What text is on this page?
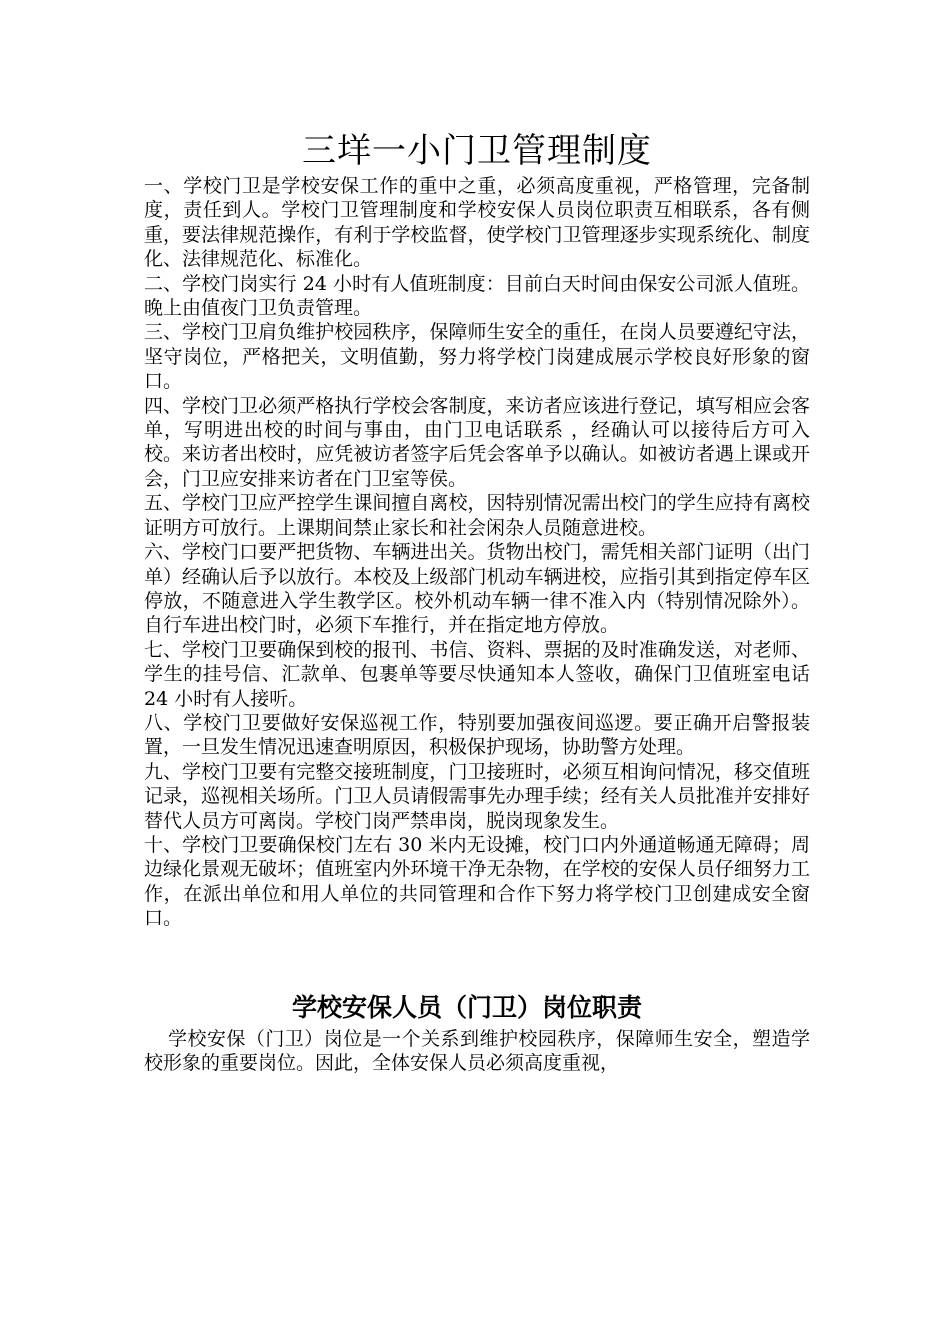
三垟一小门卫管理制度

一、学校门卫是学校安保工作的重中之重，必须高度重视，严格管理，完备制度，责任到人。学校门卫管理制度和学校安保人员岗位职责互相联系，各有侧重，要法律规范操作，有利于学校监督，使学校门卫管理逐步实现系统化、制度化、法律规范化、标准化。

二、学校门岗实行 24 小时有人值班制度：目前白天时间由保安公司派人值班。晚上由值夜门卫负责管理。

三、学校门卫肩负维护校园秩序，保障师生安全的重任，在岗人员要遵纪守法，坚守岗位，严格把关，文明值勤，努力将学校门岗建成展示学校良好形象的窗口。

四、学校门卫必须严格执行学校会客制度，来访者应该进行登记，填写相应会客单，写明进出校的时间与事由，由门卫电话联系 ，经确认可以接待后方可入校。来访者出校时，应凭被访者签字后凭会客单予以确认。如被访者遇上课或开会，门卫应安排来访者在门卫室等侯。

五、学校门卫应严控学生课间擅自离校，因特别情况需出校门的学生应持有离校证明方可放行。上课期间禁止家长和社会闲杂人员随意进校。

六、学校门口要严把货物、车辆进出关。货物出校门，需凭相关部门证明（出门单）经确认后予以放行。本校及上级部门机动车辆进校，应指引其到指定停车区停放，不随意进入学生教学区。校外机动车辆一律不准入内（特别情况除外）。自行车进出校门时，必须下车推行，并在指定地方停放。

七、学校门卫要确保到校的报刊、书信、资料、票据的及时准确发送，对老师、学生的挂号信、汇款单、包裹单等要尽快通知本人签收，确保门卫值班室电话 24 小时有人接听。

八、学校门卫要做好安保巡视工作，特别要加强夜间巡逻。要正确开启警报装置，一旦发生情况迅速查明原因，积极保护现场，协助警方处理。

九、学校门卫要有完整交接班制度，门卫接班时，必须互相询问情况，移交值班记录，巡视相关场所。门卫人员请假需事先办理手续；经有关人员批准并安排好替代人员方可离岗。学校门岗严禁串岗，脱岗现象发生。

十、学校门卫要确保校门左右 30 米内无设摊，校门口内外通道畅通无障碍；周边绿化景观无破坏；值班室内外环境干净无杂物，在学校的安保人员仔细努力工作，在派出单位和用人单位的共同管理和合作下努力将学校门卫创建成安全窗口。

学校安保人员（门卫）岗位职责

学校安保（门卫）岗位是一个关系到维护校园秩序，保障师生安全，塑造学校形象的重要岗位。因此，全体安保人员必须高度重视，
